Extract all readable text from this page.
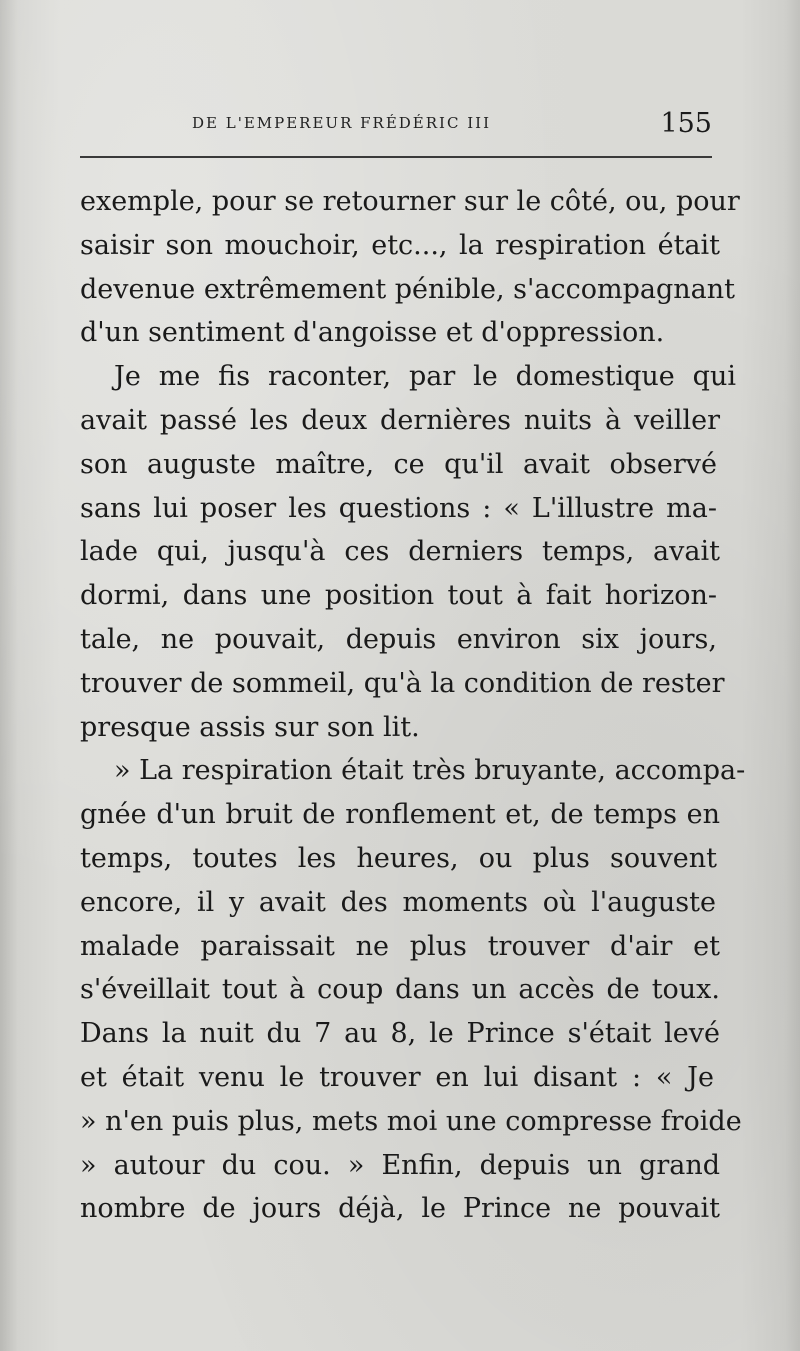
DE L'EMPEREUR FRÉDÉRIC III	155
exemple, pour se retourner sur le côté, ou, pour
saisir son mouchoir, etc..., la respiration était
devenue extrêmement pénible, s'accompagnant
d'un sentiment d'angoisse et d'oppression.
Je me fis raconter, par le domestique qui
avait passé les deux dernières nuits à veiller
son auguste maître, ce qu'il avait observé
sans lui poser les questions : « L'illustre ma-
lade qui, jusqu'à ces derniers temps, avait
dormi, dans une position tout à fait horizon-
tale, ne pouvait, depuis environ six jours,
trouver de sommeil, qu'à la condition de rester
presque assis sur son lit.
» La respiration était très bruyante, accompa-
gnée d'un bruit de ronflement et, de temps en
temps, toutes les heures, ou plus souvent
encore, il y avait des moments où l'auguste
malade paraissait ne plus trouver d'air et
s'éveillait tout à coup dans un accès de toux.
Dans la nuit du 7 au 8, le Prince s'était levé
et était venu le trouver en lui disant : « Je
» n'en puis plus, mets moi une compresse froide
» autour du cou. » Enfin, depuis un grand
nombre de jours déjà, le Prince ne pouvait
